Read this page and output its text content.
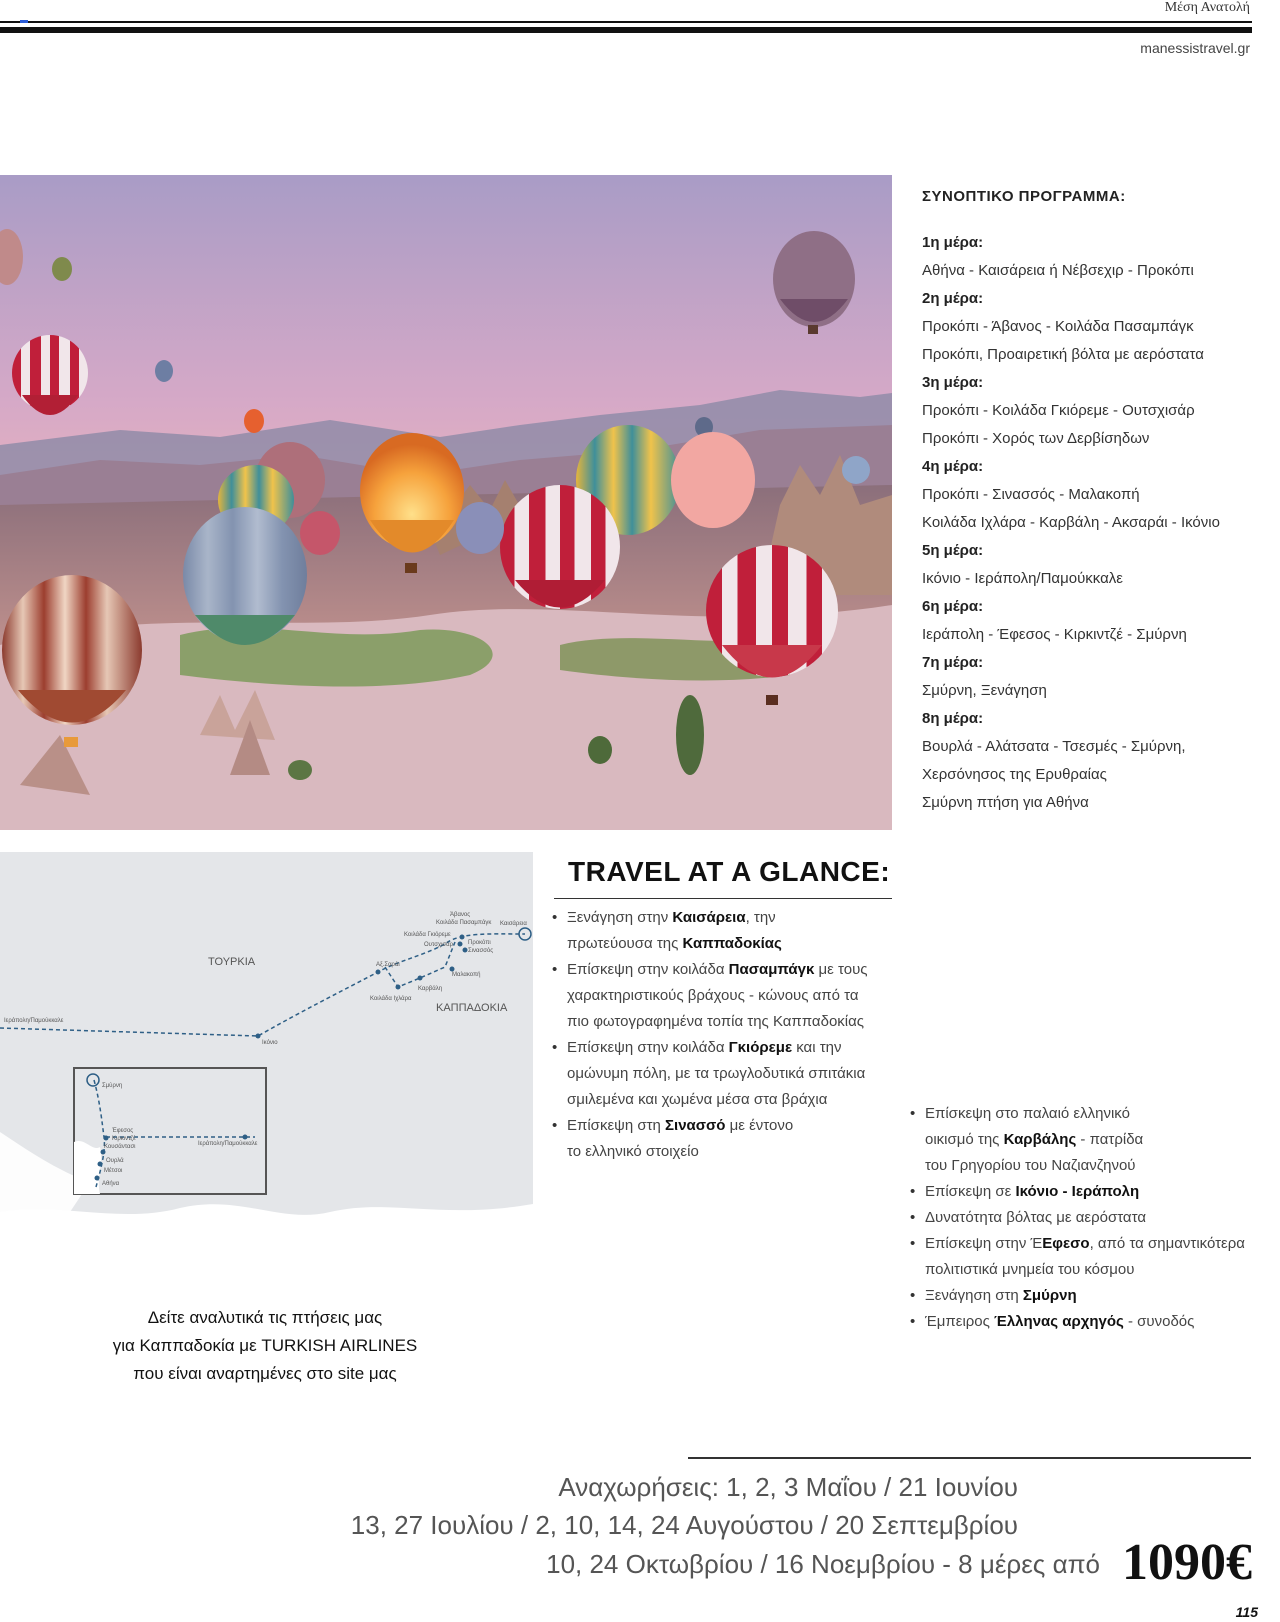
Μέση Ανατολή
manessistravel.gr
ΣΥΝΟΠΤΙΚΟ ΠΡΟΓΡΑΜΜΑ:
1η μέρα:
Αθήνα - Καισάρεια ή Νέβσεχιρ - Προκόπι
2η μέρα:
Προκόπι - Άβανος - Κοιλάδα Πασαμπάγκ
Προκόπι, Προαιρετική βόλτα με αερόστατα
3η μέρα:
Προκόπι - Κοιλάδα Γκιόρεμε - Ουτσχισάρ
Προκόπι - Χορός των Δερβίσηδων
4η μέρα:
Προκόπι - Σινασσός - Μαλακοπή
Κοιλάδα Ιχλάρα - Καρβάλη - Ακσαράι - Ικόνιο
5η μέρα:
Ικόνιο - Ιεράπολη/Παμούκκαλε
6η μέρα:
Ιεράπολη - Έφεσος - Κιρκιντζέ - Σμύρνη
7η μέρα:
Σμύρνη, Ξενάγηση
8η μέρα:
Βουρλά - Αλάτσατα - Τσεσμές - Σμύρνη,
Χερσόνησος της Ερυθραίας
Σμύρνη πτήση για Αθήνα
ΤΟΥΡΚΙΑ
ΚΑΠΠΑΔΟΚΙΑ
Άβανος
Κοιλάδα Πασαμπάγκ Καισάρεια
Κοιλάδα Γκιόρεμε
Ουτσχισάρ Προκόπι
Σινασσός
Αξ.Σαράι
Μαλακοπή
Καρβάλη
Κοιλάδα Ιχλάρα
Ικόνιο
Ιεράπολη/Παμούκκαλε
Σμύρνη
Έφεσος
Κιρκιντζέ
Κουσάντασι
Ουρλά
Μέτσοι
Αθήνα
Ιεράπολη/Παμούκκαλε
Δείτε αναλυτικά τις πτήσεις μας
για Καππαδοκία με TURKISH AIRLINES
που είναι αναρτημένες στο site μας
TRAVEL AT A GLANCE:
• Ξενάγηση στην Καισάρεια, την
πρωτεύουσα της Καππαδοκίας
• Επίσκεψη στην κοιλάδα Πασαμπάγκ με τους
χαρακτηριστικούς βράχους - κώνους από τα
πιο φωτογραφημένα τοπία της Καππαδοκίας
• Επίσκεψη στην κοιλάδα Γκιόρεμε και την
ομώνυμη πόλη, με τα τρωγλοδυτικά σπιτάκια
σμιλεμένα και χωμένα μέσα στα βράχια
• Επίσκεψη στη Σινασσό με έντονο
το ελληνικό στοιχείο
• Επίσκεψη στο παλαιό ελληνικό
οικισμό της Καρβάλης - πατρίδα
του Γρηγορίου του Ναζιανζηνού
• Επίσκεψη σε Ικόνιο - Ιεράπολη
• Δυνατότητα βόλτας με αερόστατα
• Επίσκεψη στην ΈΕφεσο, από τα σημαντικότερα
πολιτιστικά μνημεία του κόσμου
• Ξενάγηση στη Σμύρνη
• Έμπειρος Έλληνας αρχηγός - συνοδός
Αναχωρήσεις: 1, 2, 3 Μαΐου / 21 Ιουνίου
13, 27 Ιουλίου / 2, 10, 14, 24 Αυγούστου / 20 Σεπτεμβρίου
10, 24 Οκτωβρίου / 16 Νοεμβρίου - 8 μέρες από 1090€
115
